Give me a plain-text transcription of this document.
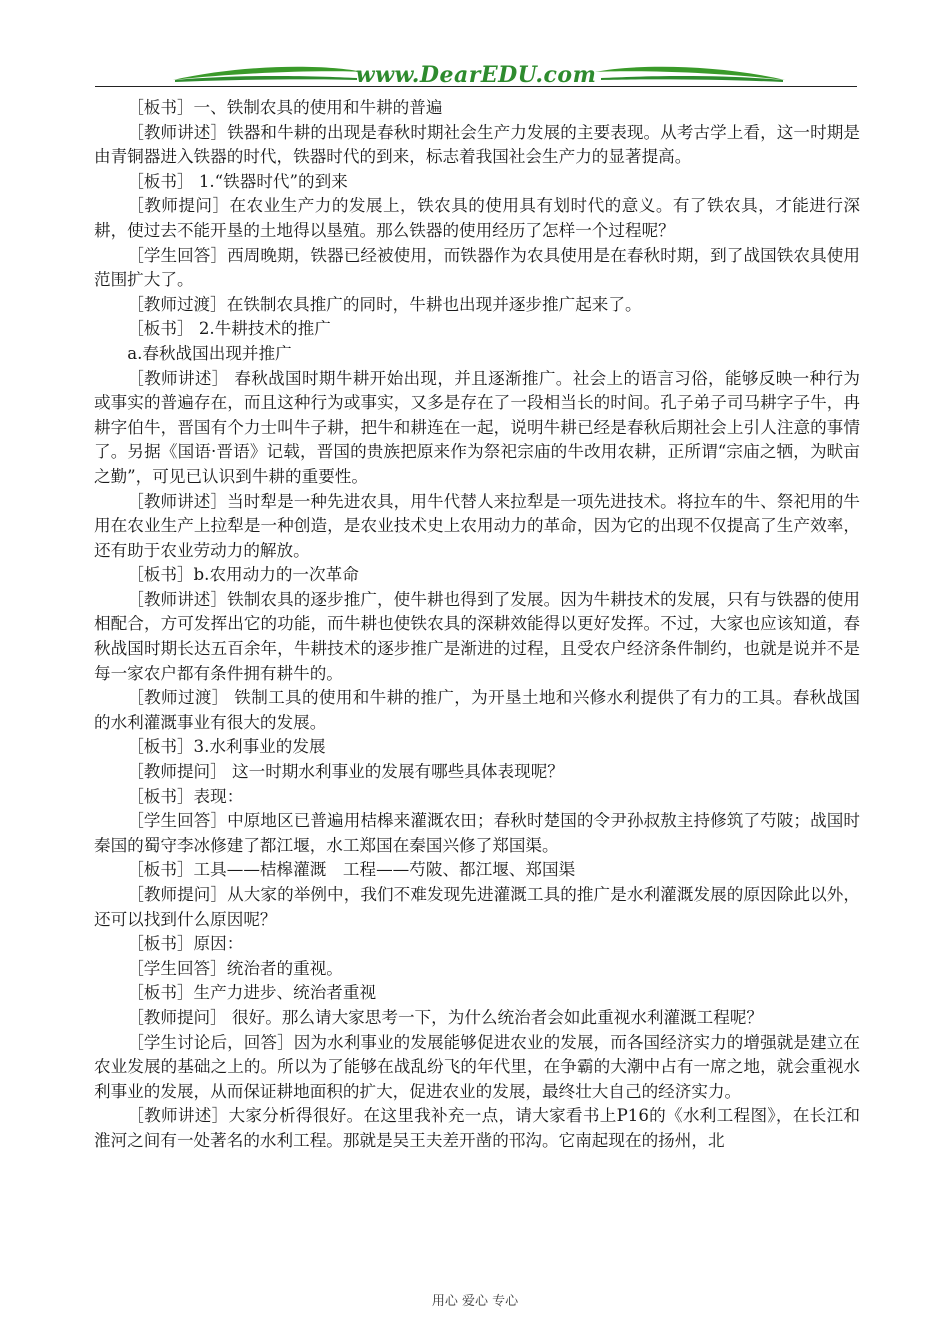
www.DearEDU.com

［板书］一、铁制农具的使用和牛耕的普遍

［教师讲述］铁器和牛耕的出现是春秋时期社会生产力发展的主要表现。从考古学上看，这一时期是由青铜器进入铁器的时代，铁器时代的到来，标志着我国社会生产力的显著提高。

［板书］ 1.“铁器时代”的到来

［教师提问］在农业生产力的发展上，铁农具的使用具有划时代的意义。有了铁农具，才能进行深耕，使过去不能开垦的土地得以垦殖。那么铁器的使用经历了怎样一个过程呢？

［学生回答］西周晚期，铁器已经被使用，而铁器作为农具使用是在春秋时期，到了战国铁农具使用范围扩大了。

［教师过渡］在铁制农具推广的同时，牛耕也出现并逐步推广起来了。

［板书］ 2.牛耕技术的推广

a.春秋战国出现并推广

［教师讲述］ 春秋战国时期牛耕开始出现，并且逐渐推广。社会上的语言习俗，能够反映一种行为或事实的普遍存在，而且这种行为或事实，又多是存在了一段相当长的时间。孔子弟子司马耕字子牛，冉耕字伯牛，晋国有个力士叫牛子耕，把牛和耕连在一起，说明牛耕已经是春秋后期社会上引人注意的事情了。另据《国语·晋语》记载，晋国的贵族把原来作为祭祀宗庙的牛改用农耕，正所谓“宗庙之牺，为畎亩之勤”，可见已认识到牛耕的重要性。

［教师讲述］当时犁是一种先进农具，用牛代替人来拉犁是一项先进技术。将拉车的牛、祭祀用的牛用在农业生产上拉犁是一种创造，是农业技术史上农用动力的革命，因为它的出现不仅提高了生产效率，还有助于农业劳动力的解放。

［板书］b.农用动力的一次革命

［教师讲述］铁制农具的逐步推广，使牛耕也得到了发展。因为牛耕技术的发展，只有与铁器的使用相配合，方可发挥出它的功能，而牛耕也使铁农具的深耕效能得以更好发挥。不过，大家也应该知道，春秋战国时期长达五百余年，牛耕技术的逐步推广是渐进的过程，且受农户经济条件制约，也就是说并不是每一家农户都有条件拥有耕牛的。

［教师过渡］ 铁制工具的使用和牛耕的推广，为开垦土地和兴修水利提供了有力的工具。春秋战国的水利灌溉事业有很大的发展。

［板书］3.水利事业的发展

［教师提问］ 这一时期水利事业的发展有哪些具体表现呢？

［板书］表现：

［学生回答］中原地区已普遍用桔槔来灌溉农田；春秋时楚国的令尹孙叔敖主持修筑了芍陂；战国时秦国的蜀守李冰修建了都江堰，水工郑国在秦国兴修了郑国渠。

［板书］工具——桔槔灌溉　工程——芍陂、都江堰、郑国渠

［教师提问］从大家的举例中，我们不难发现先进灌溉工具的推广是水利灌溉发展的原因除此以外，还可以找到什么原因呢？

［板书］原因：

［学生回答］统治者的重视。

［板书］生产力进步、统治者重视

［教师提问］ 很好。那么请大家思考一下，为什么统治者会如此重视水利灌溉工程呢？

［学生讨论后，回答］因为水利事业的发展能够促进农业的发展，而各国经济实力的增强就是建立在农业发展的基础之上的。所以为了能够在战乱纷飞的年代里，在争霸的大潮中占有一席之地，就会重视水利事业的发展，从而保证耕地面积的扩大，促进农业的发展，最终壮大自己的经济实力。

［教师讲述］大家分析得很好。在这里我补充一点，请大家看书上P16的《水利工程图》，在长江和淮河之间有一处著名的水利工程。那就是吴王夫差开凿的邗沟。它南起现在的扬州，北

用心 爱心 专心
